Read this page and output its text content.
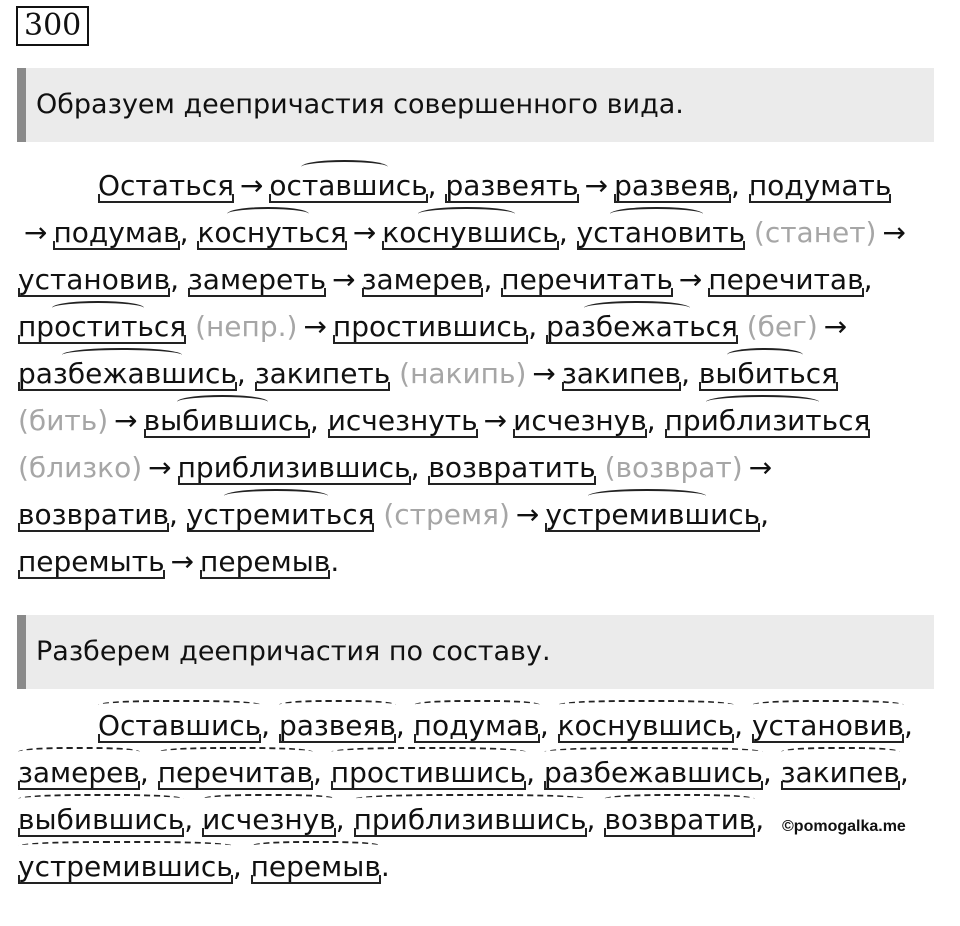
300
Образуем деепричастия совершенного вида.
Остаться → оставшись, развеять → развеяв, подумать
→ подумав, коснуться → коснувшись, установить (станет) →
установив, замереть → замерев, перечитать → перечитав,
проститься (непр.) → простившись, разбежаться (бег) →
разбежавшись, закипеть (накипь) → закипев, выбиться
(бить) → выбившись, исчезнуть → исчезнув, приблизиться
(близко) → приблизившись, возвратить (возврат) →
возвратив, устремиться (стремя) → устремившись,
перемыть → перемыв.
Разберем деепричастия по составу.
Оставшись, развеяв, подумав, коснувшись, установив,
замерев, перечитав, простившись, разбежавшись, закипев,
выбившись, исчезнув, приблизившись, возвратив,
устремившись, перемыв.
©pomogalka.me
